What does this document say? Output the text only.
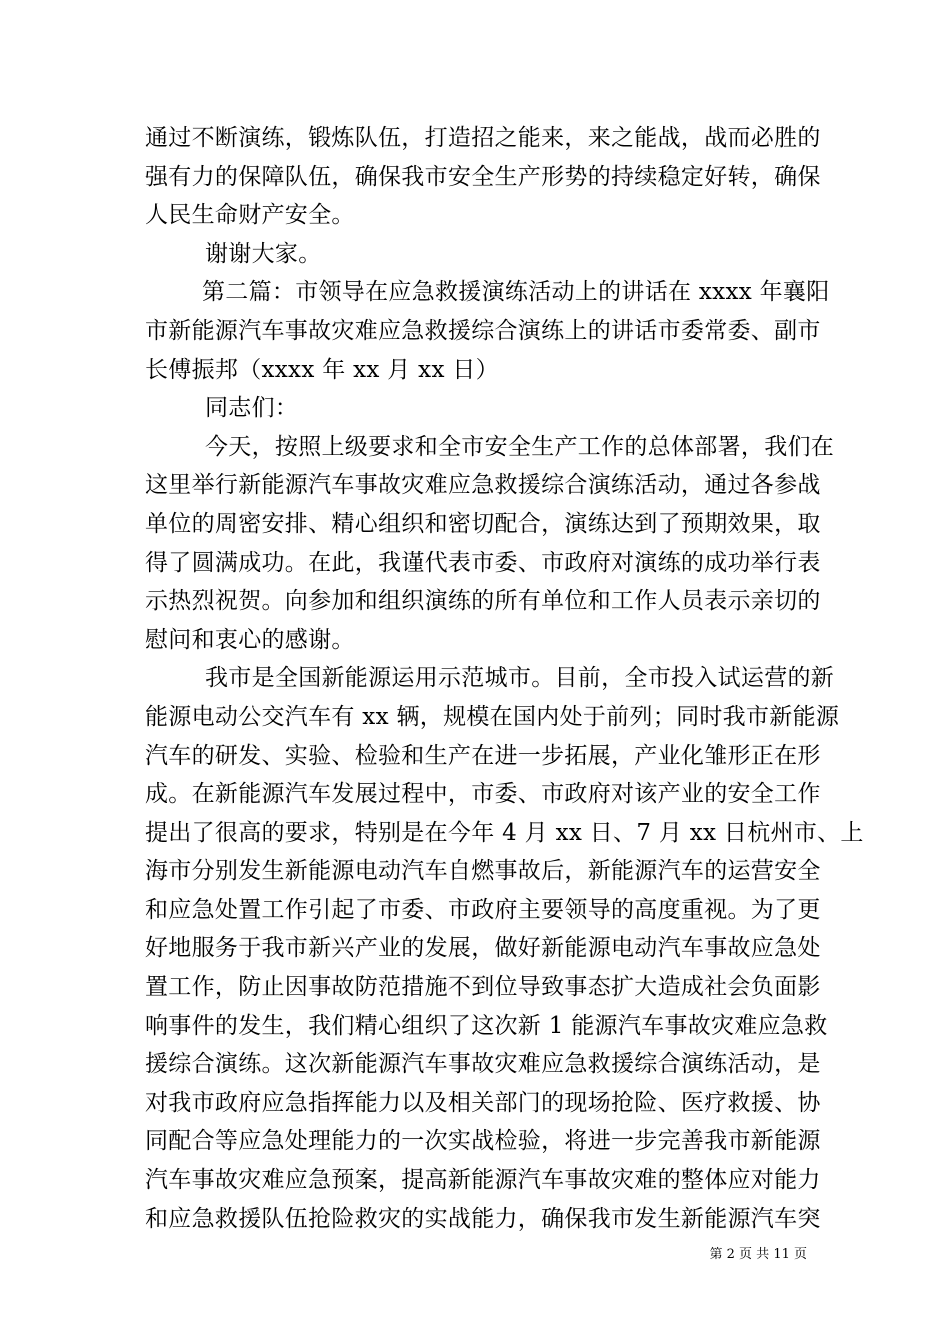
通过不断演练，锻炼队伍，打造招之能来，来之能战，战而必胜的
强有力的保障队伍，确保我市安全生产形势的持续稳定好转，确保
人民生命财产安全。
谢谢大家。
第二篇：市领导在应急救援演练活动上的讲话在 xxxx 年襄阳
市新能源汽车事故灾难应急救援综合演练上的讲话市委常委、副市
长傅振邦（xxxx 年 xx 月 xx 日）
同志们：
今天，按照上级要求和全市安全生产工作的总体部署，我们在
这里举行新能源汽车事故灾难应急救援综合演练活动，通过各参战
单位的周密安排、精心组织和密切配合，演练达到了预期效果，取
得了圆满成功。在此，我谨代表市委、市政府对演练的成功举行表
示热烈祝贺。向参加和组织演练的所有单位和工作人员表示亲切的
慰问和衷心的感谢。
我市是全国新能源运用示范城市。目前，全市投入试运营的新
能源电动公交汽车有 xx 辆，规模在国内处于前列；同时我市新能源
汽车的研发、实验、检验和生产在进一步拓展，产业化雏形正在形
成。在新能源汽车发展过程中，市委、市政府对该产业的安全工作
提出了很高的要求，特别是在今年 4 月 xx 日、7 月 xx 日杭州市、上
海市分别发生新能源电动汽车自燃事故后，新能源汽车的运营安全
和应急处置工作引起了市委、市政府主要领导的高度重视。为了更
好地服务于我市新兴产业的发展，做好新能源电动汽车事故应急处
置工作，防止因事故防范措施不到位导致事态扩大造成社会负面影
响事件的发生，我们精心组织了这次新 1 能源汽车事故灾难应急救
援综合演练。这次新能源汽车事故灾难应急救援综合演练活动，是
对我市政府应急指挥能力以及相关部门的现场抢险、医疗救援、协
同配合等应急处理能力的一次实战检验，将进一步完善我市新能源
汽车事故灾难应急预案，提高新能源汽车事故灾难的整体应对能力
和应急救援队伍抢险救灾的实战能力，确保我市发生新能源汽车突
第 2 页 共 11 页
